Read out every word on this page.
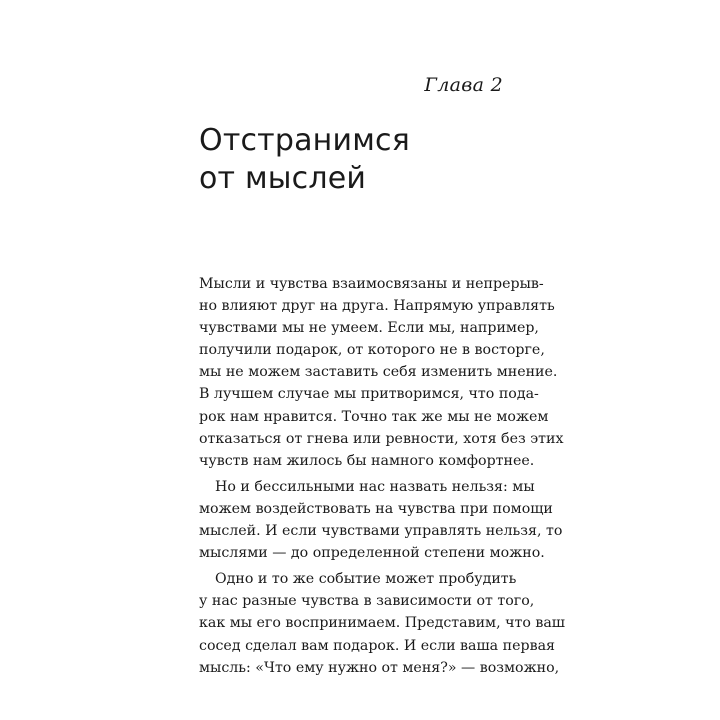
Глава 2
Отстранимся
от мыслей

Мысли и чувства взаимосвязаны и непрерыв-
но влияют друг на друга. Напрямую управлять
чувствами мы не умеем. Если мы, например,
получили подарок, от которого не в восторге,
мы не можем заставить себя изменить мнение.
В лучшем случае мы притворимся, что пода-
рок нам нравится. Точно так же мы не можем
отказаться от гнева или ревности, хотя без этих
чувств нам жилось бы намного комфортнее.

Но и бессильными нас назвать нельзя: мы
можем воздействовать на чувства при помощи
мыслей. И если чувствами управлять нельзя, то
мыслями — до определенной степени можно.

Одно и то же событие может пробудить
у нас разные чувства в зависимости от того,
как мы его воспринимаем. Представим, что ваш
сосед сделал вам подарок. И если ваша первая
мысль: «Что ему нужно от меня?» — возможно,
